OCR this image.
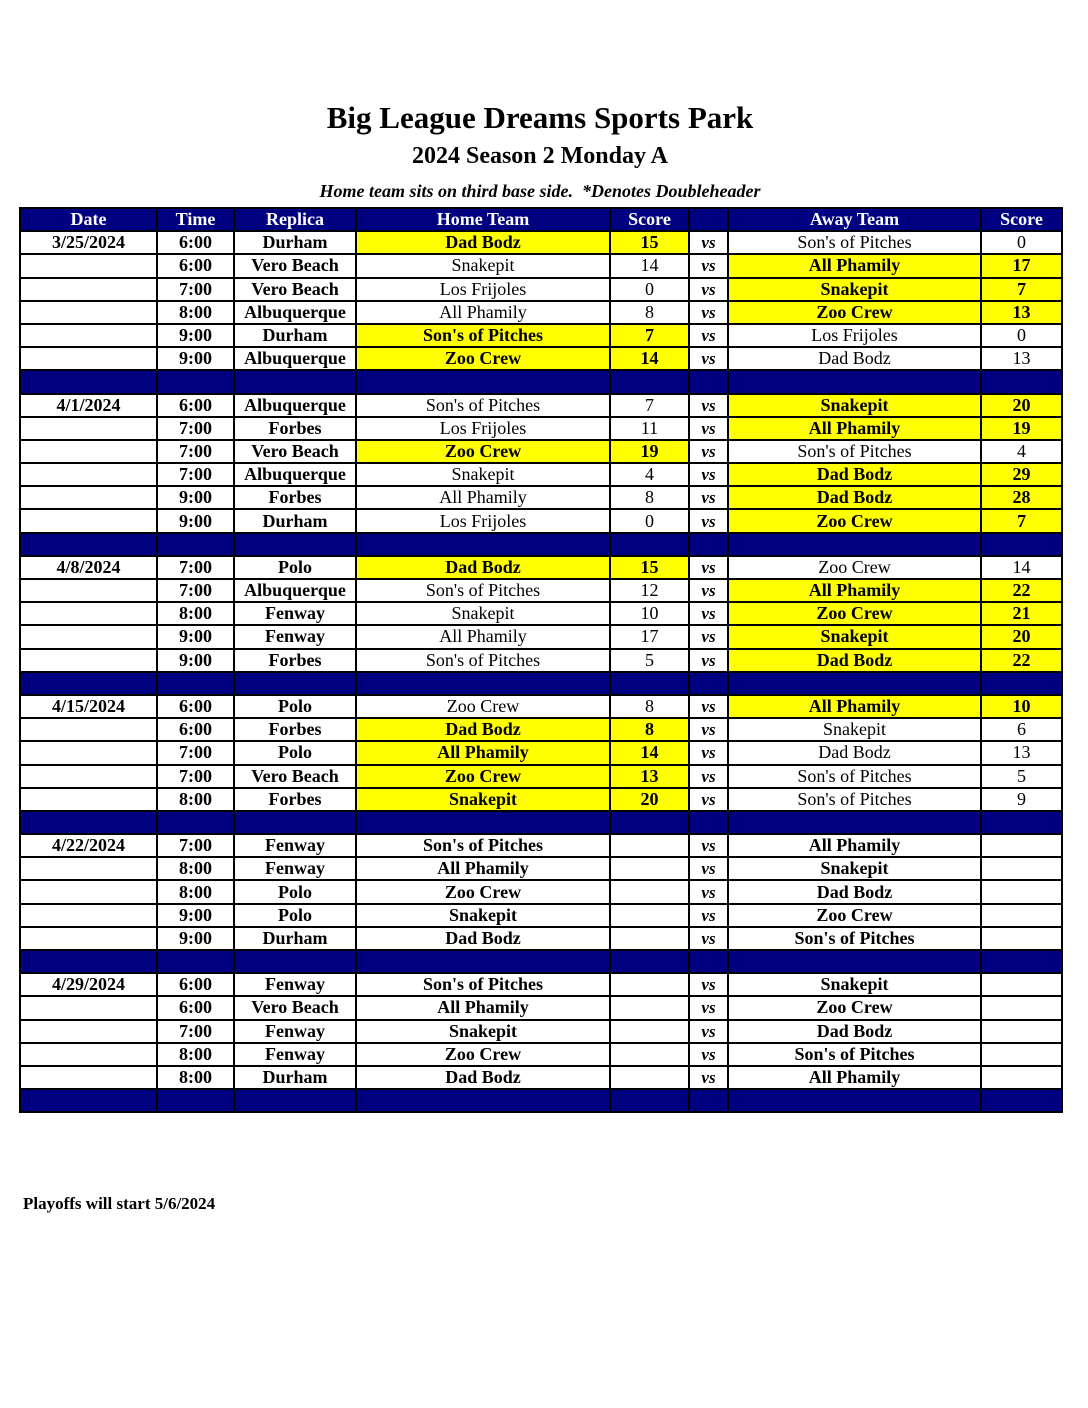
Big League Dreams Sports Park
2024 Season 2 Monday A
Home team sits on third base side.  *Denotes Doubleheader
Date	Time	Replica	Home Team	Score		Away Team	Score
3/25/2024	6:00	Durham	Dad Bodz	15	vs	Son's of Pitches	0
	6:00	Vero Beach	Snakepit	14	vs	All Phamily	17
	7:00	Vero Beach	Los Frijoles	0	vs	Snakepit	7
	8:00	Albuquerque	All Phamily	8	vs	Zoo Crew	13
	9:00	Durham	Son's of Pitches	7	vs	Los Frijoles	0
	9:00	Albuquerque	Zoo Crew	14	vs	Dad Bodz	13

4/1/2024	6:00	Albuquerque	Son's of Pitches	7	vs	Snakepit	20
	7:00	Forbes	Los Frijoles	11	vs	All Phamily	19
	7:00	Vero Beach	Zoo Crew	19	vs	Son's of Pitches	4
	7:00	Albuquerque	Snakepit	4	vs	Dad Bodz	29
	9:00	Forbes	All Phamily	8	vs	Dad Bodz	28
	9:00	Durham	Los Frijoles	0	vs	Zoo Crew	7

4/8/2024	7:00	Polo	Dad Bodz	15	vs	Zoo Crew	14
	7:00	Albuquerque	Son's of Pitches	12	vs	All Phamily	22
	8:00	Fenway	Snakepit	10	vs	Zoo Crew	21
	9:00	Fenway	All Phamily	17	vs	Snakepit	20
	9:00	Forbes	Son's of Pitches	5	vs	Dad Bodz	22

4/15/2024	6:00	Polo	Zoo Crew	8	vs	All Phamily	10
	6:00	Forbes	Dad Bodz	8	vs	Snakepit	6
	7:00	Polo	All Phamily	14	vs	Dad Bodz	13
	7:00	Vero Beach	Zoo Crew	13	vs	Son's of Pitches	5
	8:00	Forbes	Snakepit	20	vs	Son's of Pitches	9

4/22/2024	7:00	Fenway	Son's of Pitches		vs	All Phamily	
	8:00	Fenway	All Phamily		vs	Snakepit	
	8:00	Polo	Zoo Crew		vs	Dad Bodz	
	9:00	Polo	Snakepit		vs	Zoo Crew	
	9:00	Durham	Dad Bodz		vs	Son's of Pitches	

4/29/2024	6:00	Fenway	Son's of Pitches		vs	Snakepit	
	6:00	Vero Beach	All Phamily		vs	Zoo Crew	
	7:00	Fenway	Snakepit		vs	Dad Bodz	
	8:00	Fenway	Zoo Crew		vs	Son's of Pitches	
	8:00	Durham	Dad Bodz		vs	All Phamily	

Playoffs will start 5/6/2024
